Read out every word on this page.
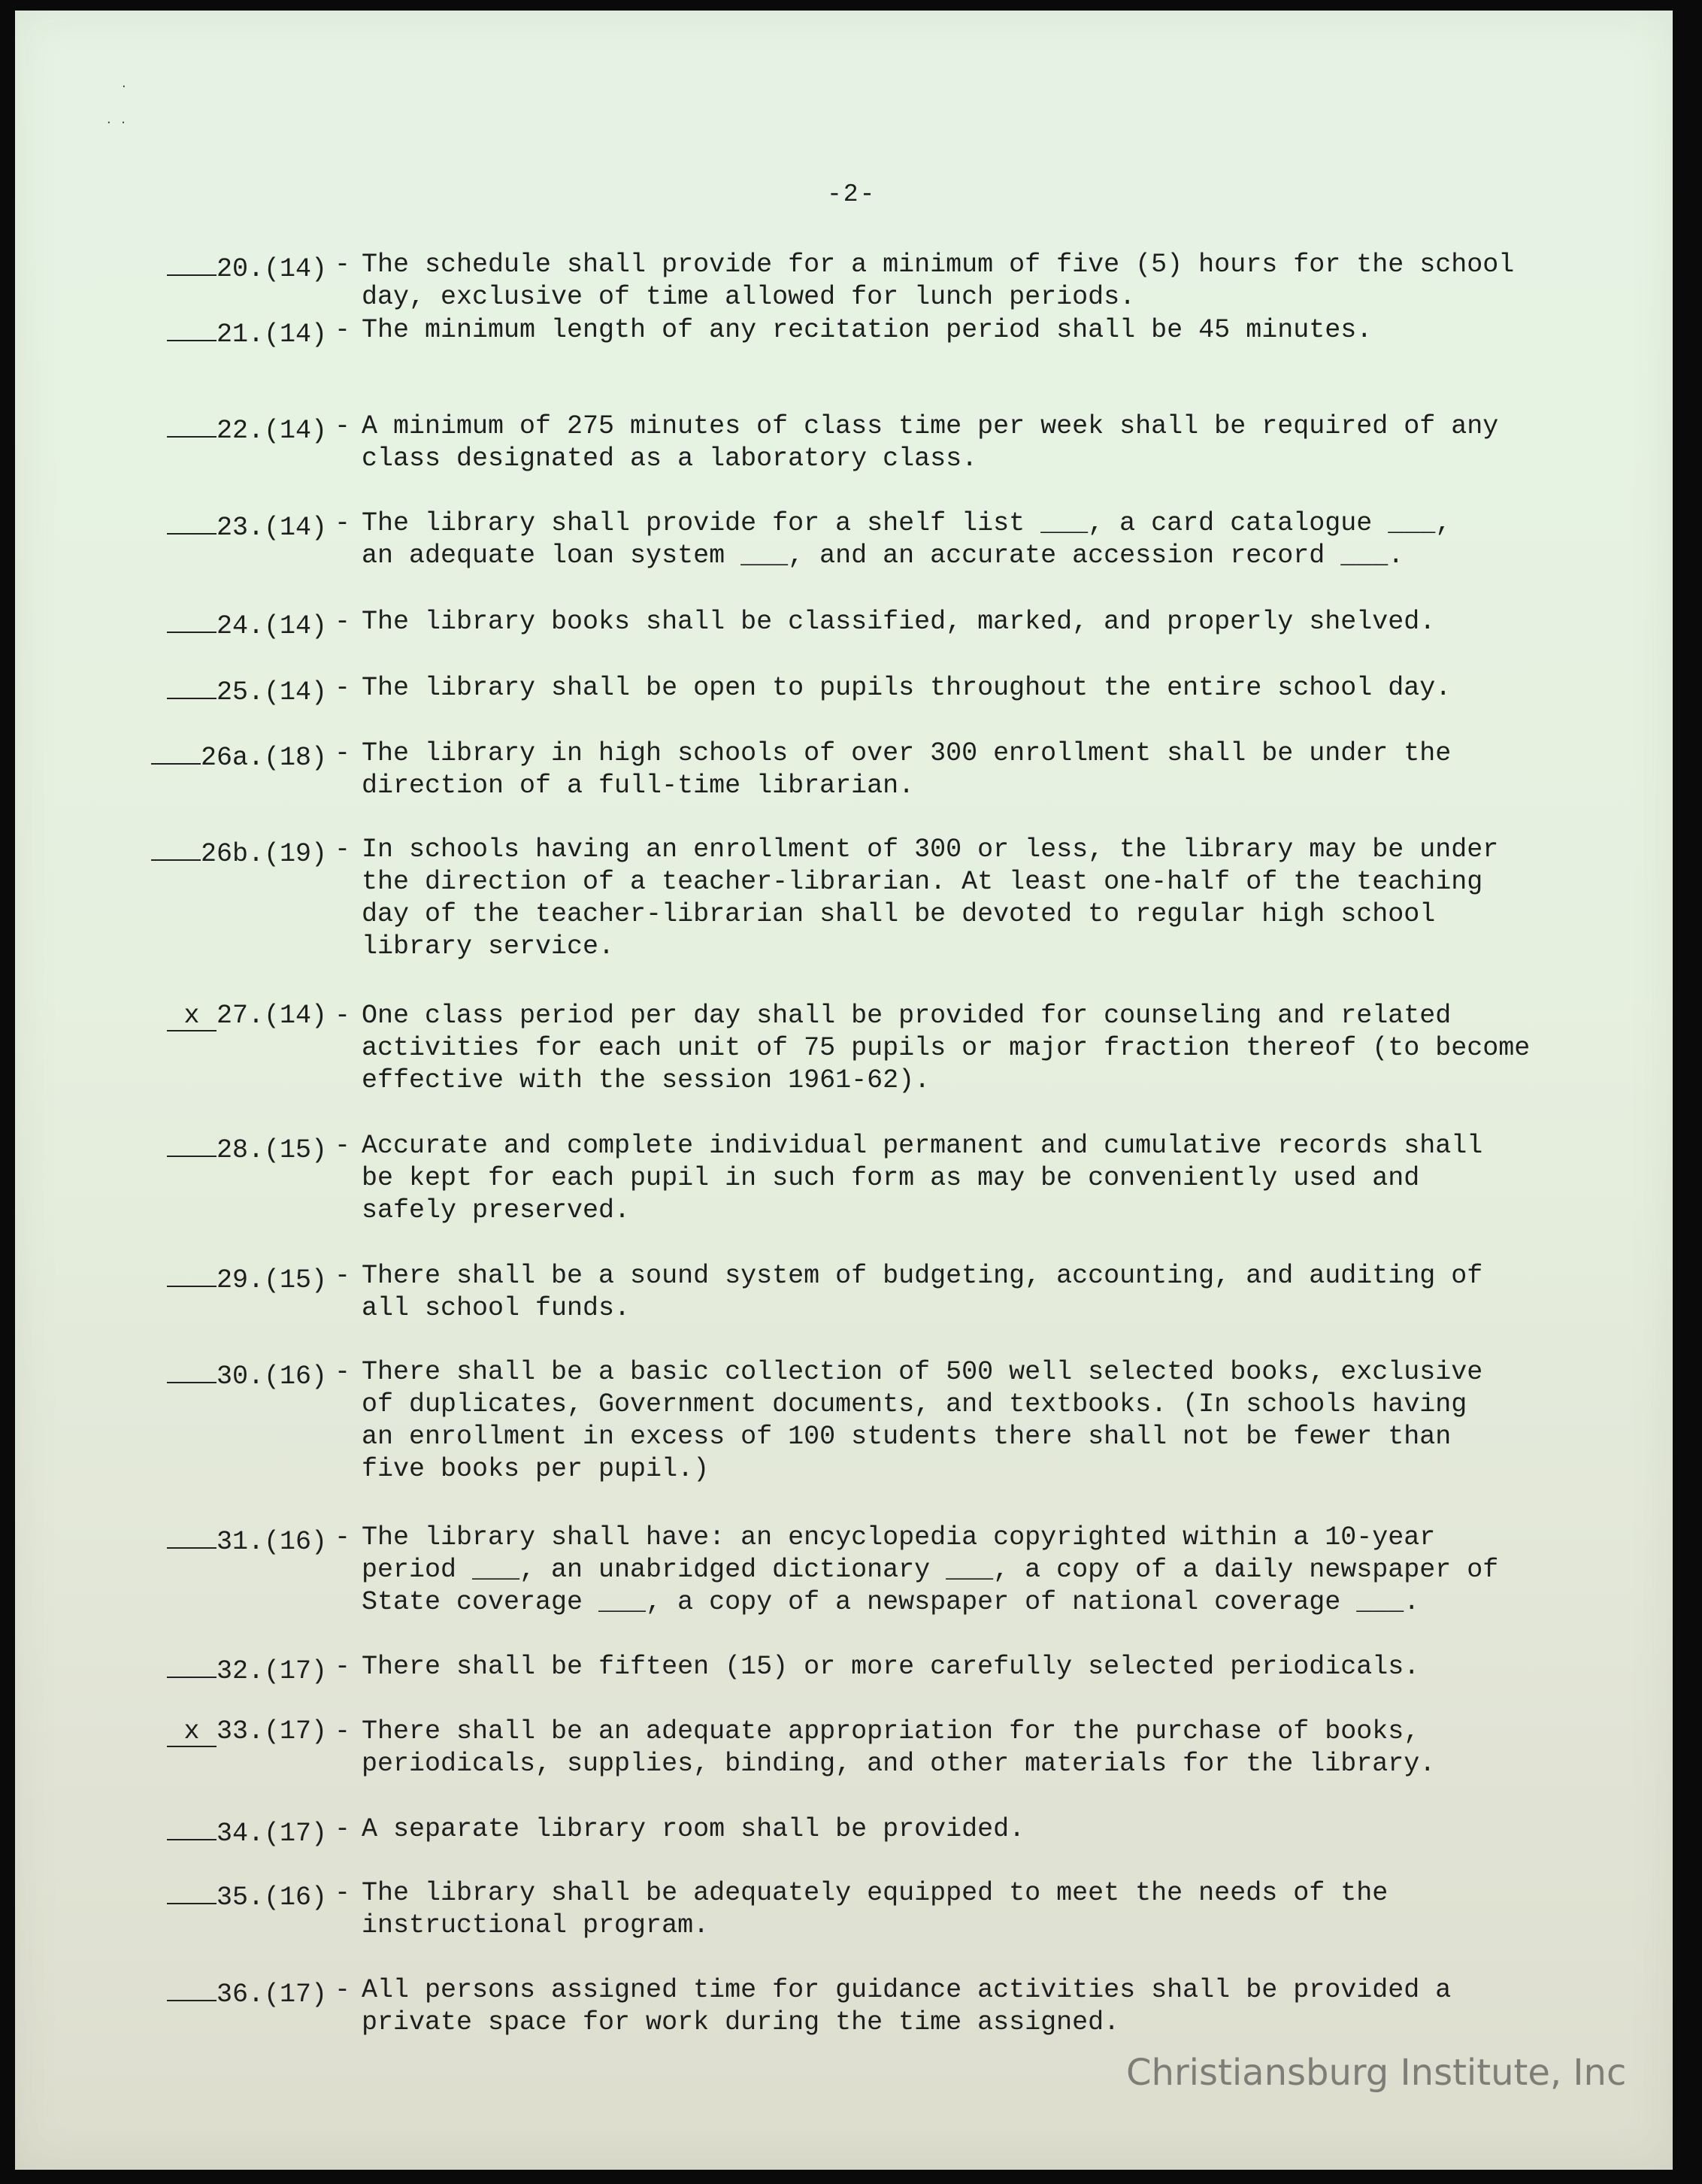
·
· ·
-2-
20.(14) - The schedule shall provide for a minimum of five (5) hours for the school
day, exclusive of time allowed for lunch periods.
21.(14) - The minimum length of any recitation period shall be 45 minutes.
22.(14) - A minimum of 275 minutes of class time per week shall be required of any
class designated as a laboratory class.
23.(14) - The library shall provide for a shelf list ___, a card catalogue ___,
an adequate loan system ___, and an accurate accession record ___.
24.(14) - The library books shall be classified, marked, and properly shelved.
25.(14) - The library shall be open to pupils throughout the entire school day.
26a.(18) - The library in high schools of over 300 enrollment shall be under the
direction of a full-time librarian.
26b.(19) - In schools having an enrollment of 300 or less, the library may be under
the direction of a teacher-librarian. At least one-half of the teaching
day of the teacher-librarian shall be devoted to regular high school
library service.
x 27.(14) - One class period per day shall be provided for counseling and related
activities for each unit of 75 pupils or major fraction thereof (to become
effective with the session 1961-62).
28.(15) - Accurate and complete individual permanent and cumulative records shall
be kept for each pupil in such form as may be conveniently used and
safely preserved.
29.(15) - There shall be a sound system of budgeting, accounting, and auditing of
all school funds.
30.(16) - There shall be a basic collection of 500 well selected books, exclusive
of duplicates, Government documents, and textbooks. (In schools having
an enrollment in excess of 100 students there shall not be fewer than
five books per pupil.)
31.(16) - The library shall have: an encyclopedia copyrighted within a 10-year
period ___, an unabridged dictionary ___, a copy of a daily newspaper of
State coverage ___, a copy of a newspaper of national coverage ___.
32.(17) - There shall be fifteen (15) or more carefully selected periodicals.
x 33.(17) - There shall be an adequate appropriation for the purchase of books,
periodicals, supplies, binding, and other materials for the library.
34.(17) - A separate library room shall be provided.
35.(16) - The library shall be adequately equipped to meet the needs of the
instructional program.
36.(17) - All persons assigned time for guidance activities shall be provided a
private space for work during the time assigned.
Christiansburg Institute, Inc
